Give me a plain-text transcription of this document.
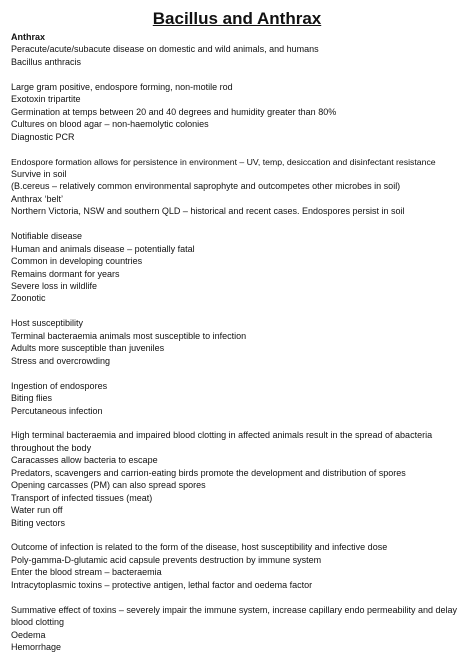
Bacillus and Anthrax
Anthrax
Peracute/acute/subacute disease on domestic and wild animals, and humans
Bacillus anthracis
Large gram positive, endospore forming, non-motile rod
Exotoxin tripartite
Germination at temps between 20 and 40 degrees and humidity greater than 80%
Cultures on blood agar – non-haemolytic colonies
Diagnostic PCR
Endospore formation allows for persistence in environment – UV, temp, desiccation and disinfectant resistance
Survive in soil
(B.cereus – relatively common environmental saprophyte and outcompetes other microbes in soil)
Anthrax ‘belt’
Northern Victoria, NSW and southern QLD – historical and recent cases. Endospores persist in soil
Notifiable disease
Human and animals disease – potentially fatal
Common in developing countries
Remains dormant for years
Severe loss in wildlife
Zoonotic
Host susceptibility
Terminal bacteraemia animals most susceptible to infection
Adults more susceptible than juveniles
Stress and overcrowding
Ingestion of endospores
Biting flies
Percutaneous infection
High terminal bacteraemia and impaired blood clotting in affected animals result in the spread of abacteria throughout the body
Caracasses allow bacteria to escape
Predators, scavengers and carrion-eating birds promote the development and distribution of spores
Opening carcasses (PM) can also spread spores
Transport of infected tissues (meat)
Water run off
Biting vectors
Outcome of infection is related to the form of the disease, host susceptibility and infective dose
Poly-gamma-D-glutamic acid capsule prevents destruction by immune system
Enter the blood stream – bacteraemia
Intracytoplasmic toxins – protective antigen, lethal factor and oedema factor
Summative effect of toxins – severely impair the immune system, increase capillary endo permeability and delay blood clotting
Oedema
Hemorrhage
